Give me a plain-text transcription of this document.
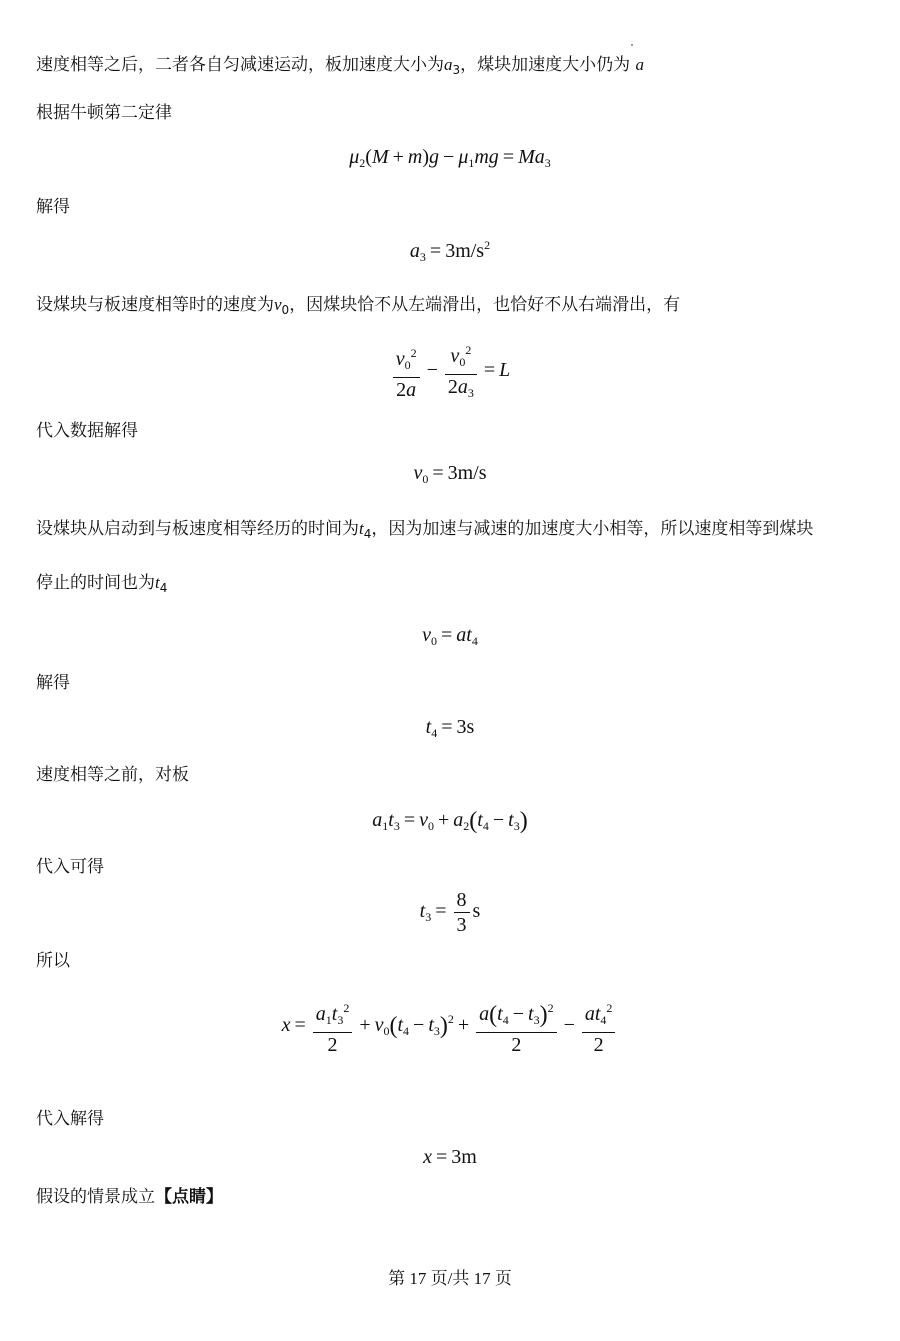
速度相等之后，二者各自匀减速运动，板加速度大小为$a_3$，煤块加速度大小仍为 a
根据牛顿第二定律
$\mu_2(M + m)g - \mu_1mg = Ma_3$
解得
$a_3 = 3m/s^2$
设煤块与板速度相等时的速度为$v_0$，因煤块恰不从左端滑出，也恰好不从右端滑出，有
$\frac{v_0^2}{2a} - \frac{v_0^2}{2a_3} = L$
代入数据解得
$v_0 = 3m/s$
设煤块从启动到与板速度相等经历的时间为$t_4$，因为加速与减速的加速度大小相等，所以速度相等到煤块
停止的时间也为$t_4$
$v_0 = at_4$
解得
$t_4 = 3s$
速度相等之前，对板
$a_1t_3 = v_0 + a_2(t_4 - t_3)$
代入可得
$t_3 = \frac{8}{3}$ s
所以
$x = \frac{a_1t_3^2}{2} + v_0(t_4 - t_3)^2 + \frac{a(t_4 - t_3)^2}{2} - \frac{at_4^2}{2}$
代入解得
x = 3m
假设的情景成立【点睛】
第 17 页/共 17 页
